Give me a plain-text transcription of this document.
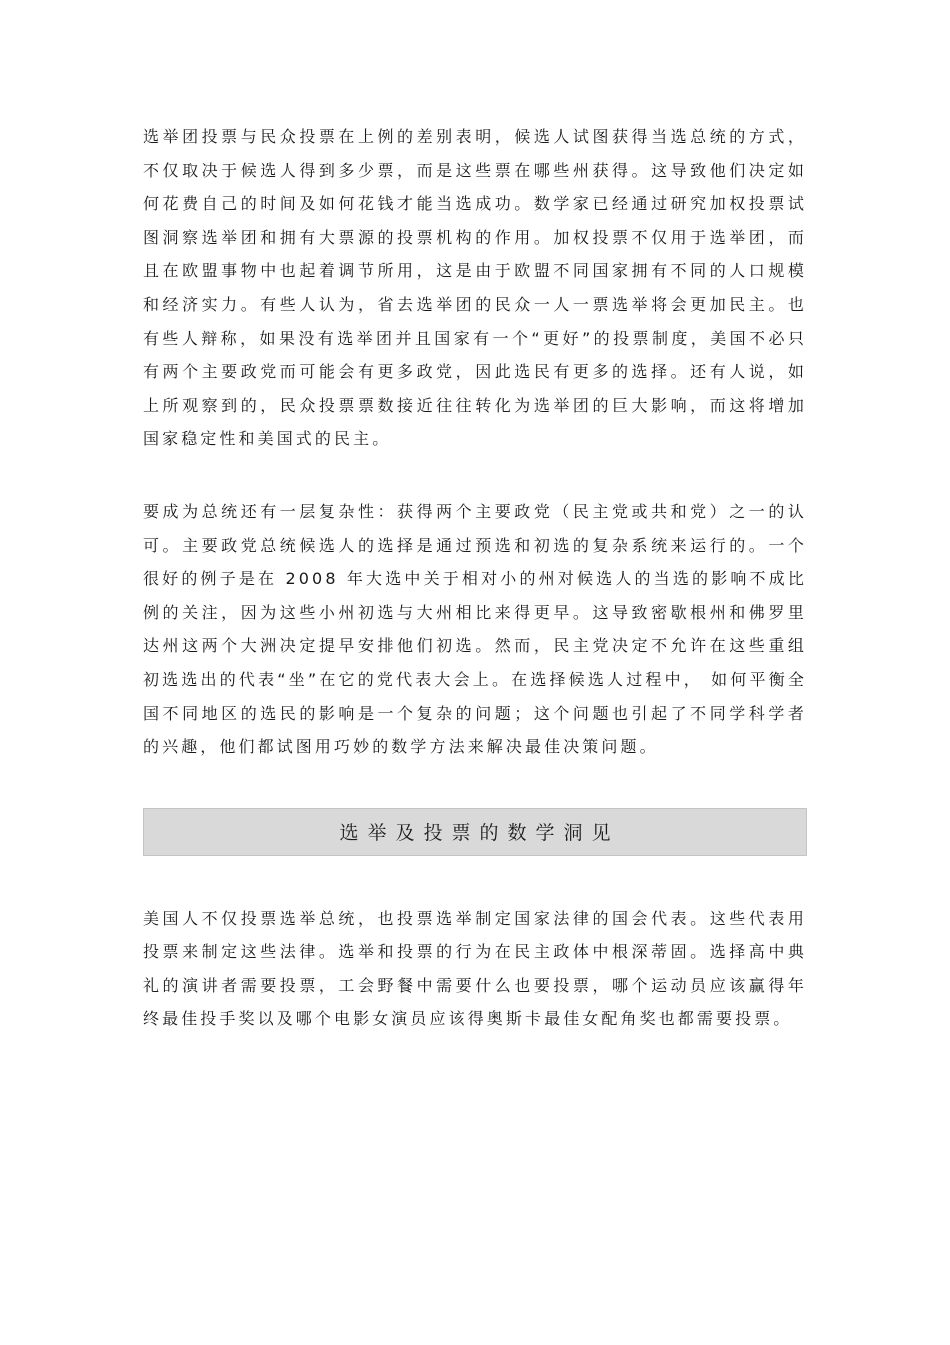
选举团投票与民众投票在上例的差别表明，候选人试图获得当选总统的方式，不仅取决于候选人得到多少票，而是这些票在哪些州获得。这导致他们决定如何花费自己的时间及如何花钱才能当选成功。数学家已经通过研究加权投票试图洞察选举团和拥有大票源的投票机构的作用。加权投票不仅用于选举团，而且在欧盟事物中也起着调节所用，这是由于欧盟不同国家拥有不同的人口规模和经济实力。有些人认为，省去选举团的民众一人一票选举将会更加民主。也有些人辩称，如果没有选举团并且国家有一个“更好”的投票制度，美国不必只有两个主要政党而可能会有更多政党，因此选民有更多的选择。还有人说，如上所观察到的，民众投票票数接近往往转化为选举团的巨大影响，而这将增加国家稳定性和美国式的民主。

要成为总统还有一层复杂性：获得两个主要政党（民主党或共和党）之一的认可。主要政党总统候选人的选择是通过预选和初选的复杂系统来运行的。一个很好的例子是在 2008 年大选中关于相对小的州对候选人的当选的影响不成比例的关注，因为这些小州初选与大州相比来得更早。这导致密歇根州和佛罗里达州这两个大洲决定提早安排他们初选。然而，民主党决定不允许在这些重组初选选出的代表“坐”在它的党代表大会上。在选择候选人过程中， 如何平衡全国不同地区的选民的影响是一个复杂的问题；这个问题也引起了不同学科学者的兴趣，他们都试图用巧妙的数学方法来解决最佳决策问题。

选举及投票的数学洞见

美国人不仅投票选举总统，也投票选举制定国家法律的国会代表。这些代表用投票来制定这些法律。选举和投票的行为在民主政体中根深蒂固。选择高中典礼的演讲者需要投票，工会野餐中需要什么也要投票，哪个运动员应该赢得年终最佳投手奖以及哪个电影女演员应该得奥斯卡最佳女配角奖也都需要投票。
